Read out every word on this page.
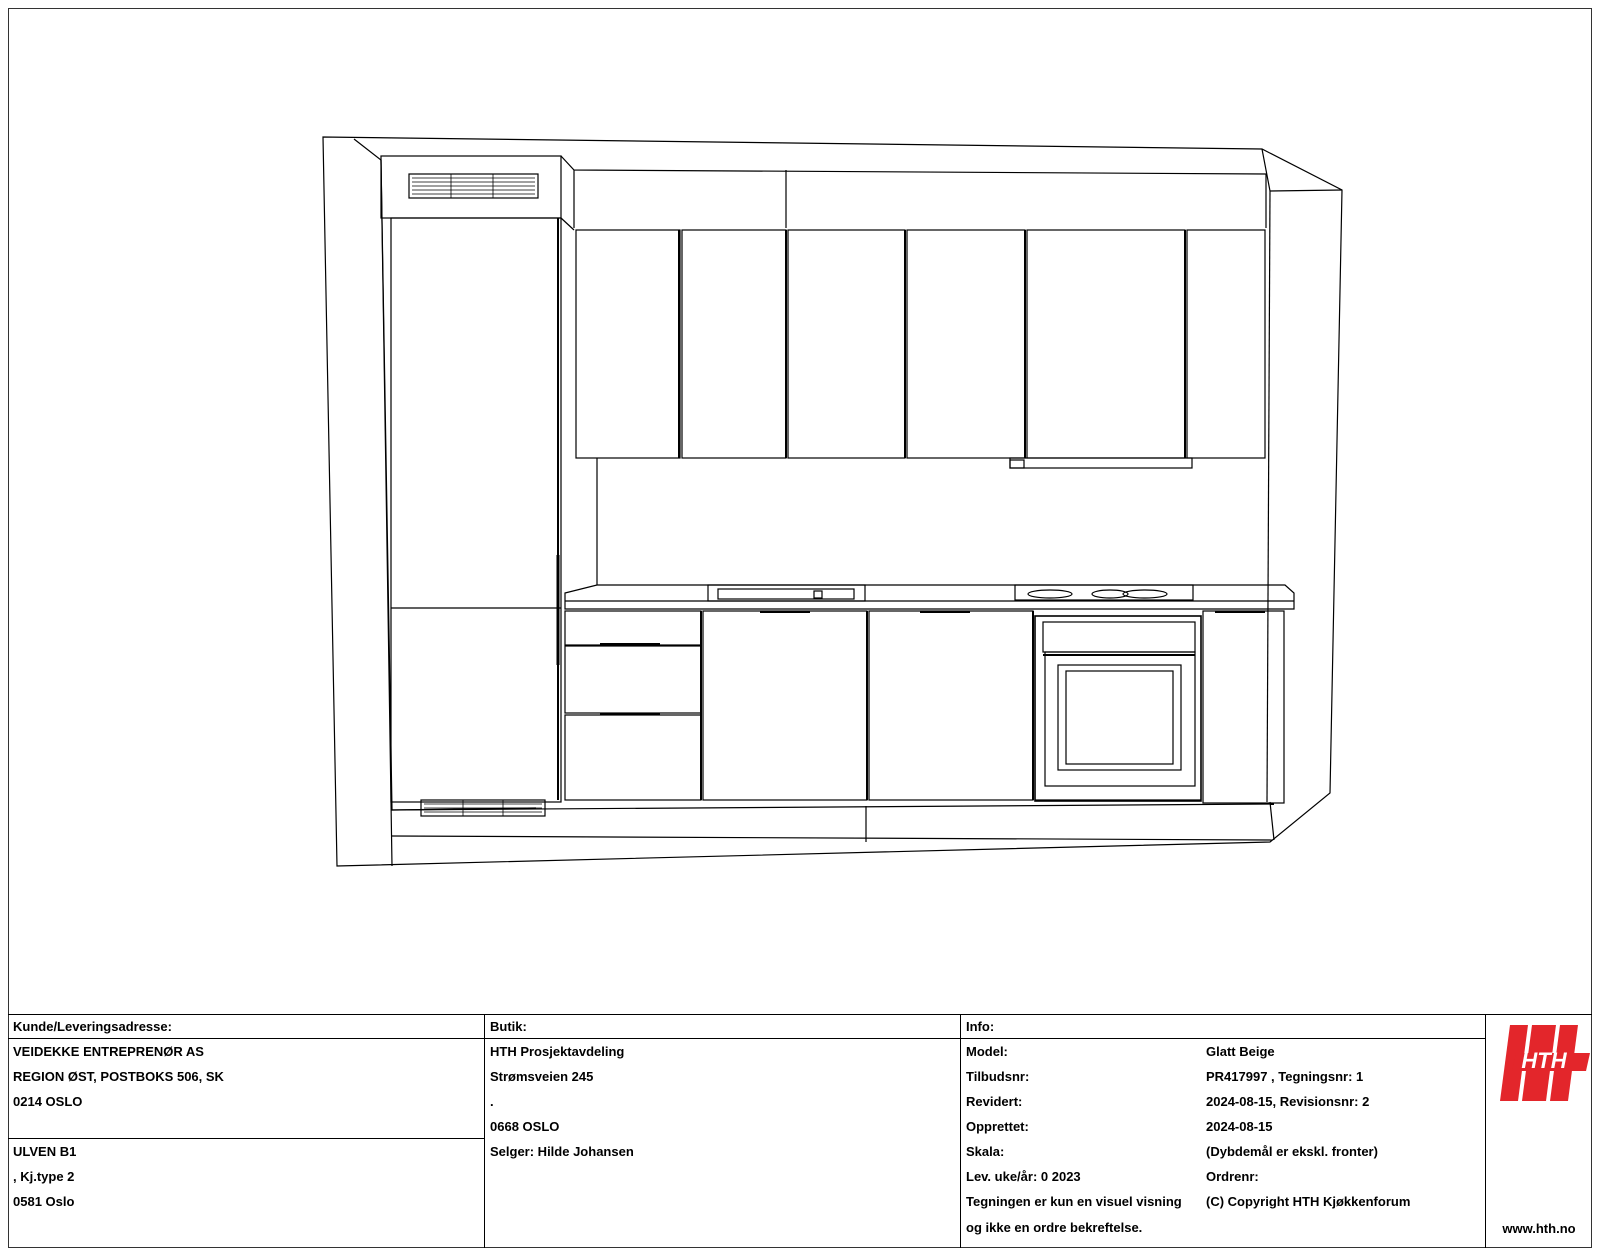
Kunde/Leveringsadresse:
VEIDEKKE ENTREPRENØR AS
REGION ØST, POSTBOKS 506, SK
0214 OSLO
ULVEN B1
, Kj.type 2
0581 Oslo
Butik:
HTH Prosjektavdeling
Strømsveien 245
.
0668 OSLO
Selger: Hilde Johansen
Info:
Model:	Glatt Beige
Tilbudsnr:	PR417997 , Tegningsnr: 1
Revidert:	2024-08-15, Revisionsnr: 2
Opprettet:	2024-08-15
Skala:	(Dybdemål er ekskl. fronter)
Lev. uke/år: 0 2023	Ordrenr:
Tegningen er kun en visuel visning	(C) Copyright HTH Kjøkkenforum
og ikke en ordre bekreftelse.
HTH
www.hth.no
